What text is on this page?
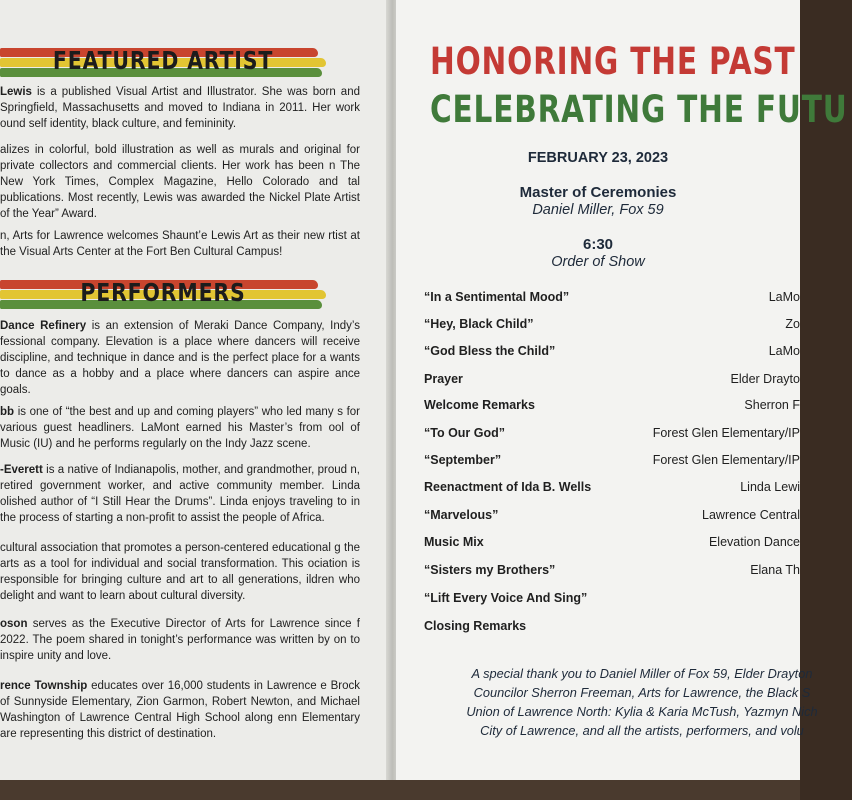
FEATURED ARTIST

Lewis is a published Visual Artist and Illustrator. She was born and Springfield, Massachusetts and moved to Indiana in 2011. Her work ound self identity, black culture, and femininity.

alizes in colorful, bold illustration as well as murals and original for private collectors and commercial clients. Her work has been n The New York Times, Complex Magazine, Hello Colorado and tal publications. Most recently, Lewis was awarded the Nickel Plate Artist of the Year” Award.

n, Arts for Lawrence welcomes Shaunt’e Lewis Art as their new rtist at the Visual Arts Center at the Fort Ben Cultural Campus!

PERFORMERS

Dance Refinery is an extension of Meraki Dance Company, Indy’s fessional company. Elevation is a place where dancers will receive discipline, and technique in dance and is the perfect place for a wants to dance as a hobby and a place where dancers can aspire ance goals.

bb is one of “the best and up and coming players” who led many s for various guest headliners. LaMont earned his Master’s from ool of Music (IU) and he performs regularly on the Indy Jazz scene.

-Everett is a native of Indianapolis, mother, and grandmother, proud n, retired government worker, and active community member. Linda olished author of “I Still Hear the Drums”. Linda enjoys traveling to in the process of starting a non-profit to assist the people of Africa.

cultural association that promotes a person-centered educational g the arts as a tool for individual and social transformation. This ociation is responsible for bringing culture and art to all generations, ildren who delight and want to learn about cultural diversity.

oson serves as the Executive Director of Arts for Lawrence since f 2022. The poem shared in tonight’s performance was written by on to inspire unity and love.

rence Township educates over 16,000 students in Lawrence e Brock of Sunnyside Elementary, Zion Garmon, Robert Newton, and Michael Washington of Lawrence Central High School along enn Elementary are representing this district of destination.

HONORING THE PAST
CELEBRATING THE FUTU
FEBRUARY 23, 2023
Master of Ceremonies
Daniel Miller, Fox 59
6:30
Order of Show
“In a Sentimental Mood”	LaMo
“Hey, Black Child”	Zo
“God Bless the Child”	LaMo
Prayer	Elder Drayto
Welcome Remarks	Sherron F
“To Our God”	Forest Glen Elementary/IP
“September”	Forest Glen Elementary/IP
Reenactment of Ida B. Wells	Linda Lewi
“Marvelous”	Lawrence Central
Music Mix	Elevation Dance
“Sisters my Brothers”	Elana Th
“Lift Every Voice And Sing”
Closing Remarks

A special thank you to Daniel Miller of Fox 59, Elder Drayton
Councilor Sherron Freeman, Arts for Lawrence, the Black S
Union of Lawrence North: Kylia & Karia McTush, Yazmyn Nich
City of Lawrence, and all the artists, performers, and volu
